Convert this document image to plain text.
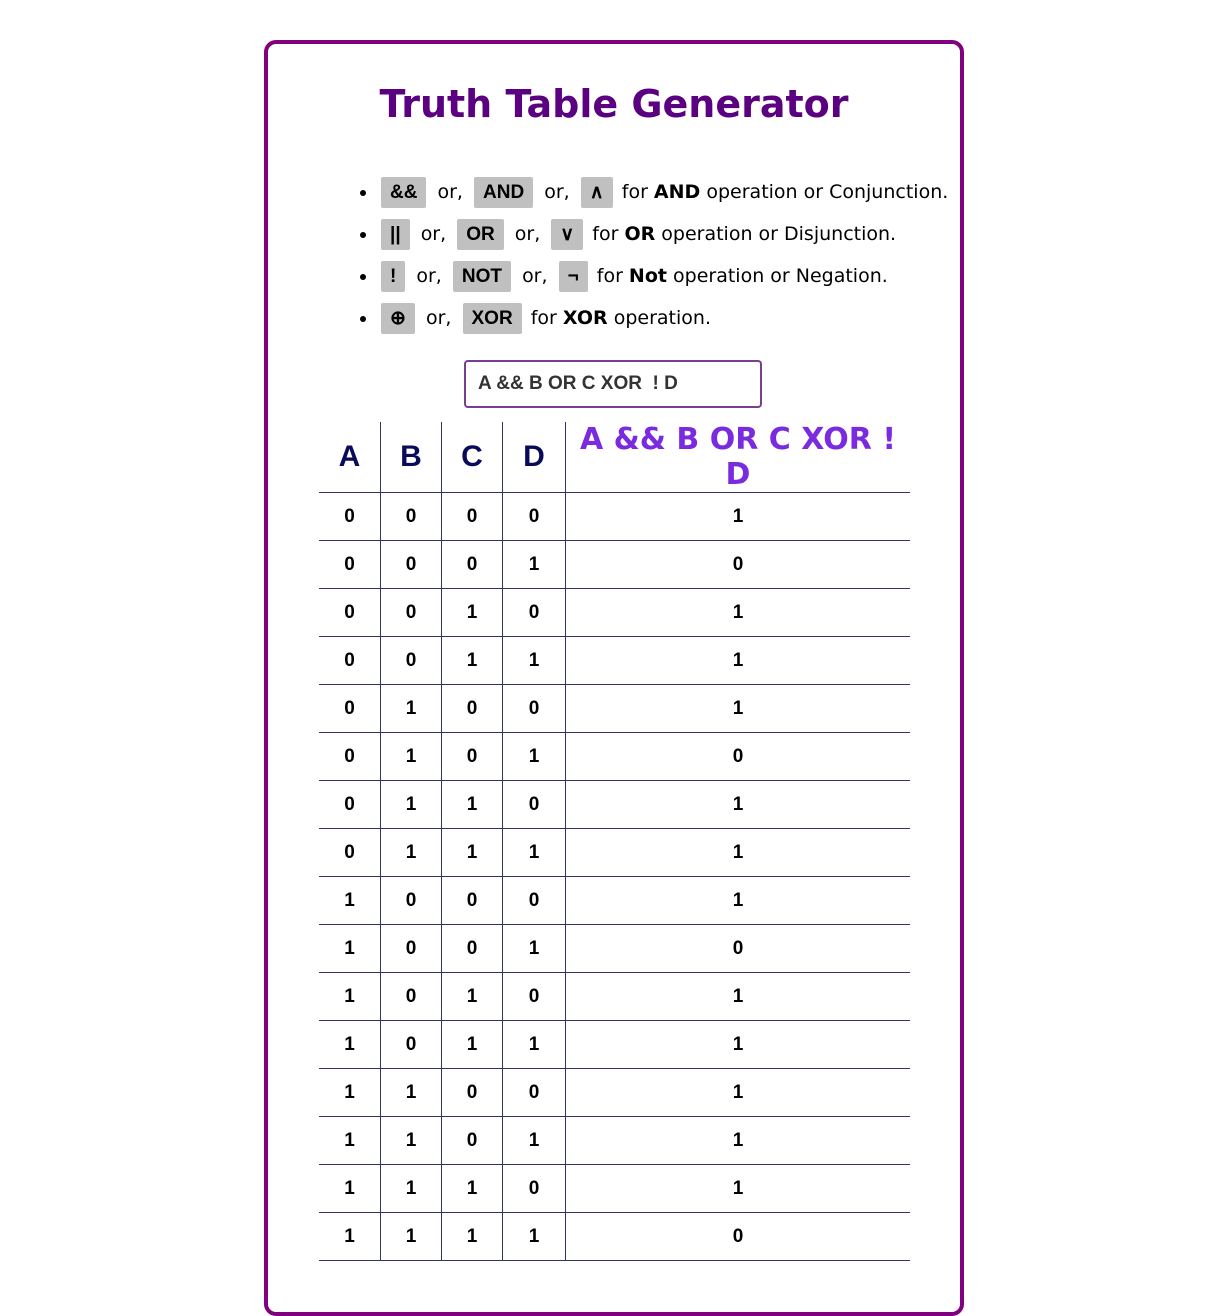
Truth Table Generator
• && or, AND or, ∧ for AND operation or Conjunction.
• || or, OR or, ∨ for OR operation or Disjunction.
• ! or, NOT or, ¬ for Not operation or Negation.
• ⊕ or, XOR for XOR operation.
A && B OR C XOR ! D
A	B	C	D	A && B OR C XOR ! D
0	0	0	0	1
0	0	0	1	0
0	0	1	0	1
0	0	1	1	1
0	1	0	0	1
0	1	0	1	0
0	1	1	0	1
0	1	1	1	1
1	0	0	0	1
1	0	0	1	0
1	0	1	0	1
1	0	1	1	1
1	1	0	0	1
1	1	0	1	1
1	1	1	0	1
1	1	1	1	0
